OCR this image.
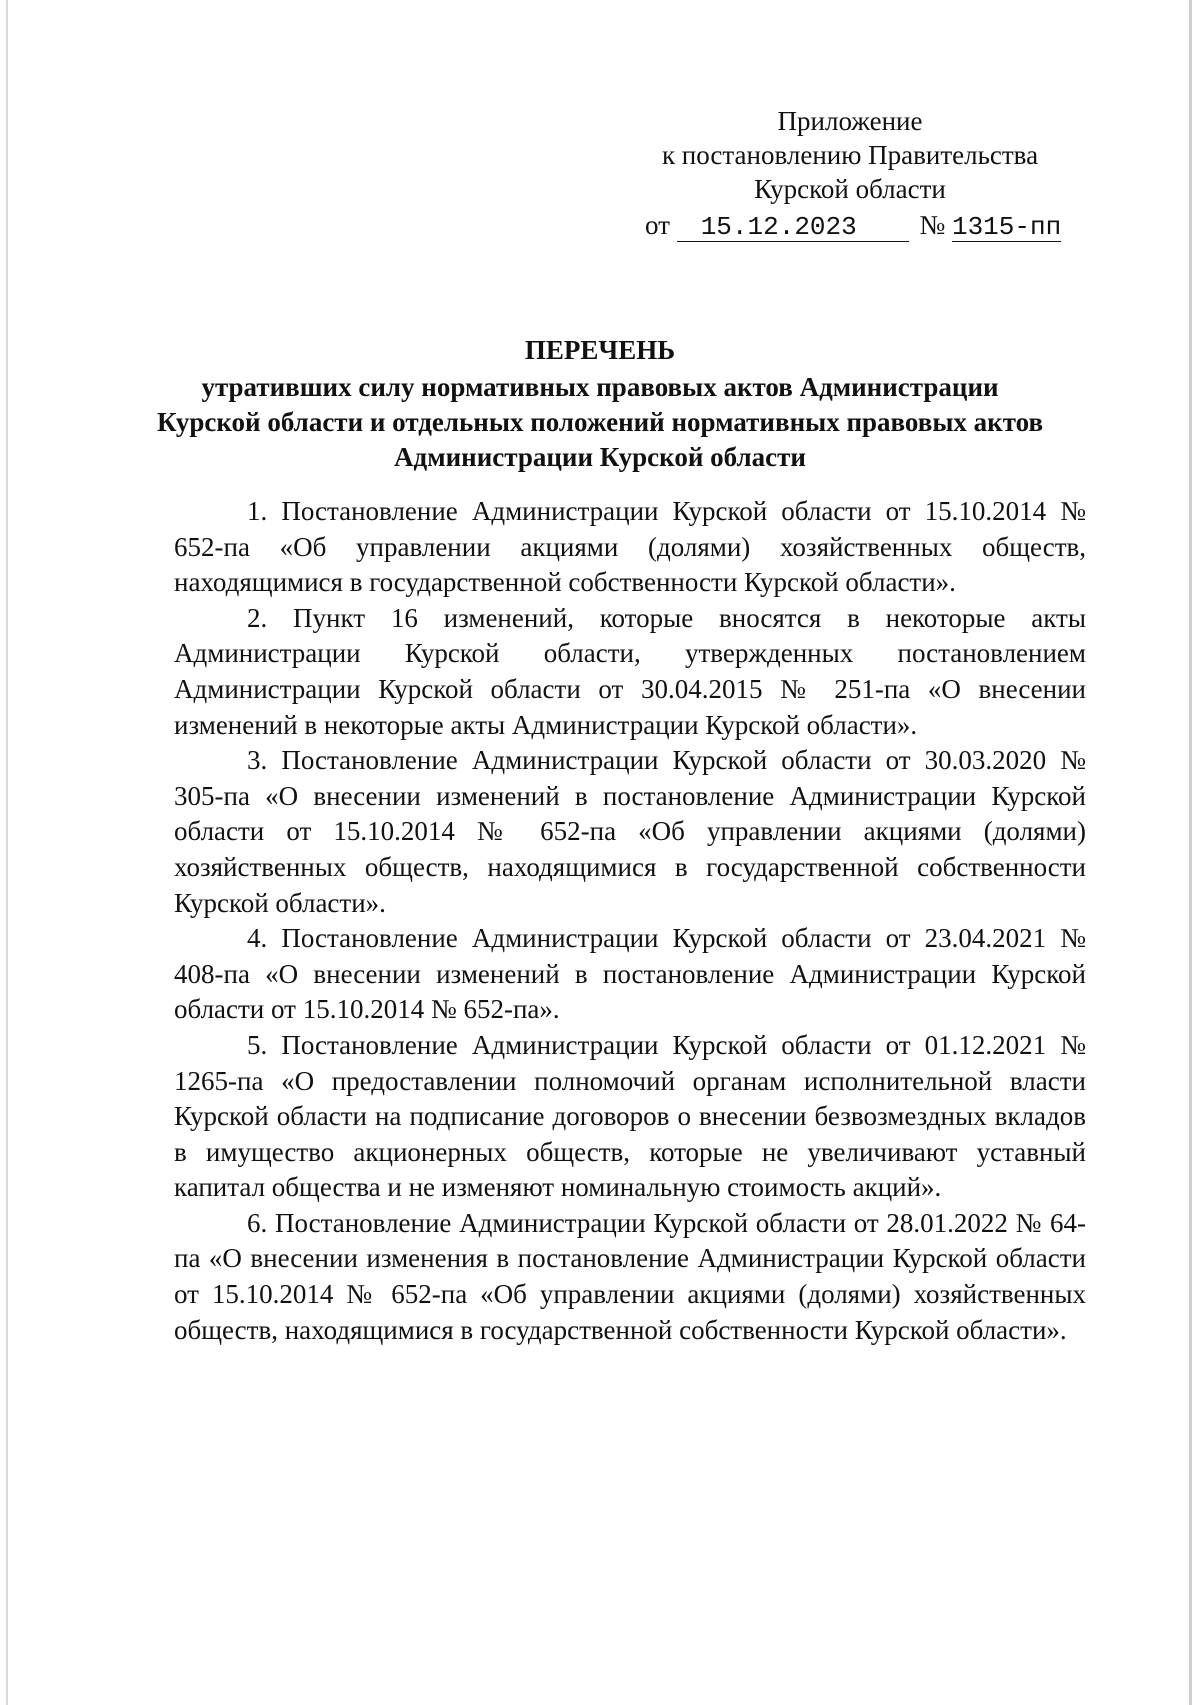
Приложение
к постановлению Правительства
Курской области
от 15.12.2023 № 1315-пп
ПЕРЕЧЕНЬ
утративших силу нормативных правовых актов Администрации Курской области и отдельных положений нормативных правовых актов Администрации Курской области

1. Постановление Администрации Курской области от 15.10.2014 № 652-па «Об управлении акциями (долями) хозяйственных обществ, находящимися в государственной собственности Курской области».

2. Пункт 16 изменений, которые вносятся в некоторые акты Администрации Курской области, утвержденных постановлением Администрации Курской области от 30.04.2015 № 251-па «О внесении изменений в некоторые акты Администрации Курской области».

3. Постановление Администрации Курской области от 30.03.2020 № 305-па «О внесении изменений в постановление Администрации Курской области от 15.10.2014 № 652-па «Об управлении акциями (долями) хозяйственных обществ, находящимися в государственной собственности Курской области».

4. Постановление Администрации Курской области от 23.04.2021 № 408-па «О внесении изменений в постановление Администрации Курской области от 15.10.2014 № 652-па».

5. Постановление Администрации Курской области от 01.12.2021 № 1265-па «О предоставлении полномочий органам исполнительной власти Курской области на подписание договоров о внесении безвозмездных вкладов в имущество акционерных обществ, которые не увеличивают уставный капитал общества и не изменяют номинальную стоимость акций».

6. Постановление Администрации Курской области от 28.01.2022 № 64-па «О внесении изменения в постановление Администрации Курской области от 15.10.2014 № 652-па «Об управлении акциями (долями) хозяйственных обществ, находящимися в государственной собственности Курской области».
